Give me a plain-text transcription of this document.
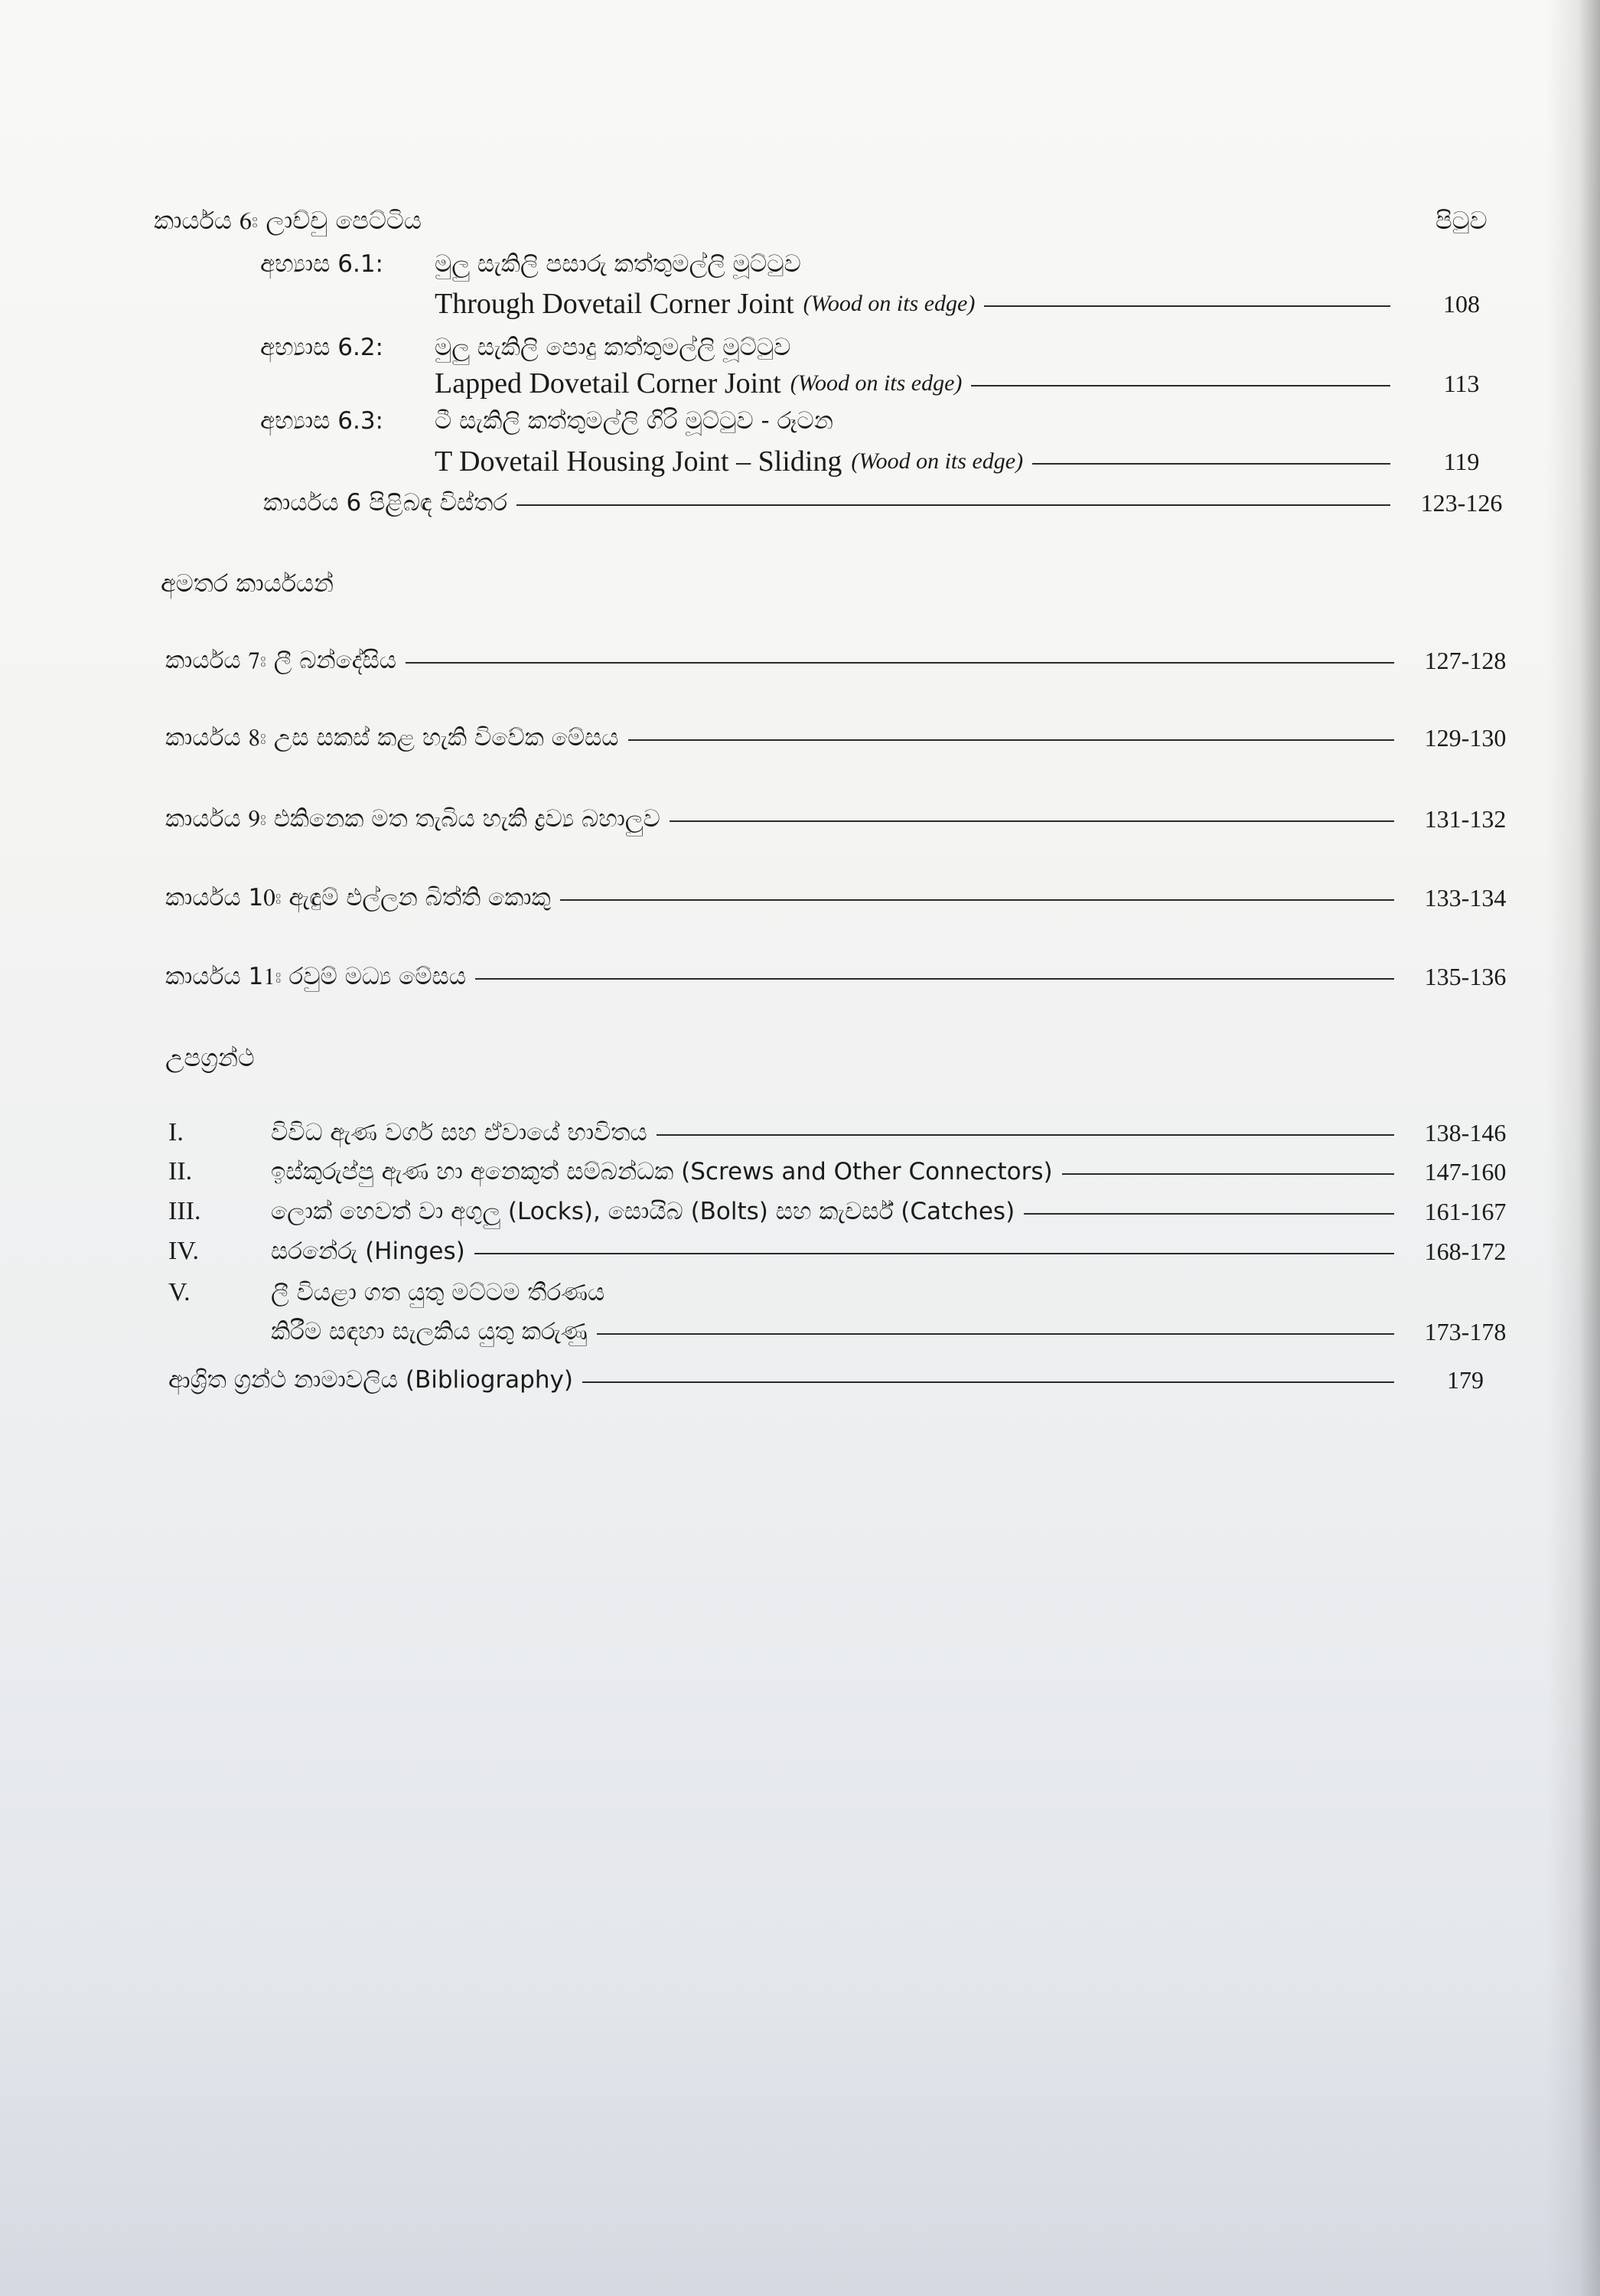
කාර්යය 6ඃ ලාච්චු පෙට්ටිය	පිටුව
අභ්‍යාස 6.1:	මුලු සැකිලි පසාරු කත්තුමල්ලි මූට්ටුව
Through Dovetail Corner Joint (Wood on its edge)	108
අභ්‍යාස 6.2:	මුලු සැකිලි පොදු කත්තුමල්ලි මූට්ටුව
Lapped Dovetail Corner Joint (Wood on its edge)	113
අභ්‍යාස 6.3:	ටී සැකිලි කත්තුමල්ලි ගිරි මූට්ටුව - රූටන
T Dovetail Housing Joint – Sliding (Wood on its edge)	119
කාර්යය 6 පිළිබඳ විස්තර	123-126
අමතර කාර්යයන්
කාර්යය 7ඃ ලී බන්දේසිය	127-128
කාර්යය 8ඃ උස සකස් කළ හැකි විවේක මේසය	129-130
කාර්යය 9ඃ එකිනෙක මත තැබිය හැකි ද්‍රව්‍ය බහාලුව	131-132
කාර්යය 10ඃ ඇඳුම් එල්ලන බිත්ති කොකු	133-134
කාර්යය 11ඃ රවුම් මධ්‍ය මේසය	135-136
උපග්‍රන්ථ
I.	විවිධ ඇණ වර්ග සහ ඒවායේ භාවිතය	138-146
II.	ඉස්කුරුප්පු ඇණ හා අනෙකුත් සම්බන්ධක (Screws and Other Connectors)	147-160
III.	ලොක් හෙවත් වා අගුලු (Locks), සොයිබ (Bolts) සහ කැචර්ස් (Catches)	161-167
IV.	සරනේරු (Hinges)	168-172
V.	ලී වියළා ගත යුතු මට්ටම තීරණය
කිරීම සඳහා සැලකිය යුතු කරුණු	173-178
ආශ්‍රිත ග්‍රන්ථ නාමාවලිය (Bibliography)	179
